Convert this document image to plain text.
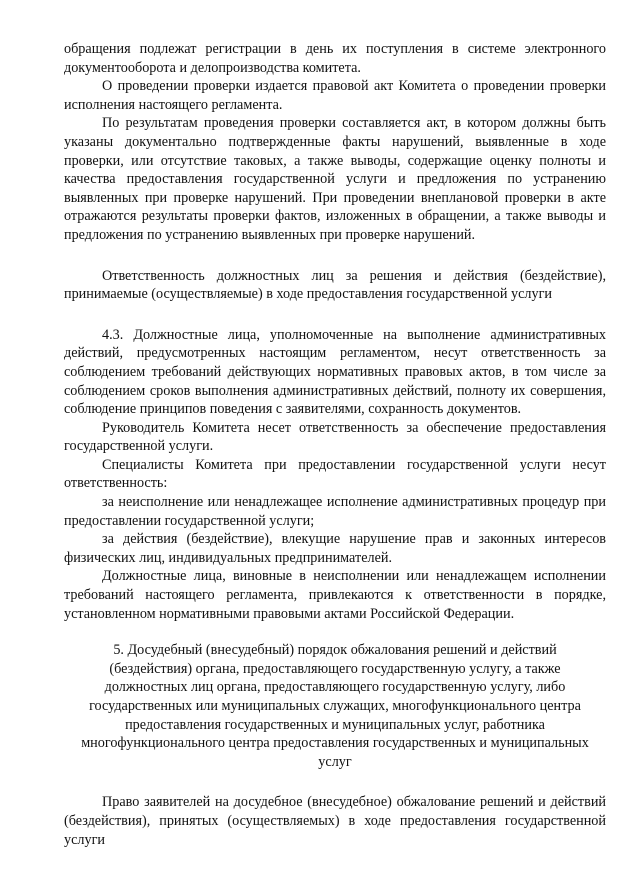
обращения подлежат регистрации в день их поступления в системе электронного документооборота и делопроизводства комитета.

О проведении проверки издается правовой акт Комитета о проведении проверки исполнения настоящего регламента.

По результатам проведения проверки составляется акт, в котором должны быть указаны документально подтвержденные факты нарушений, выявленные в ходе проверки, или отсутствие таковых, а также выводы, содержащие оценку полноты и качества предоставления государственной услуги и предложения по устранению выявленных при проверке нарушений. При проведении внеплановой проверки в акте отражаются результаты проверки фактов, изложенных в обращении, а также выводы и предложения по устранению выявленных при проверке нарушений.

Ответственность должностных лиц за решения и действия (бездействие), принимаемые (осуществляемые) в ходе предоставления государственной услуги

4.3. Должностные лица, уполномоченные на выполнение административных действий, предусмотренных настоящим регламентом, несут ответственность за соблюдением требований действующих нормативных правовых актов, в том числе за соблюдением сроков выполнения административных действий, полноту их совершения, соблюдение принципов поведения с заявителями, сохранность документов.

Руководитель Комитета несет ответственность за обеспечение предоставления государственной услуги.

Специалисты Комитета при предоставлении государственной услуги несут ответственность:

за неисполнение или ненадлежащее исполнение административных процедур при предоставлении государственной услуги;

за действия (бездействие), влекущие нарушение прав и законных интересов физических лиц, индивидуальных предпринимателей.

Должностные лица, виновные в неисполнении или ненадлежащем исполнении требований настоящего регламента, привлекаются к ответственности в порядке, установленном нормативными правовыми актами Российской Федерации.

5. Досудебный (внесудебный) порядок обжалования решений и действий
(бездействия) органа, предоставляющего государственную услугу, а также
должностных лиц органа, предоставляющего государственную услугу, либо
государственных или муниципальных служащих, многофункционального центра
предоставления государственных и муниципальных услуг, работника
многофункционального центра предоставления государственных и муниципальных
услуг

Право заявителей на досудебное (внесудебное) обжалование решений и действий (бездействия), принятых (осуществляемых) в ходе предоставления государственной услуги
